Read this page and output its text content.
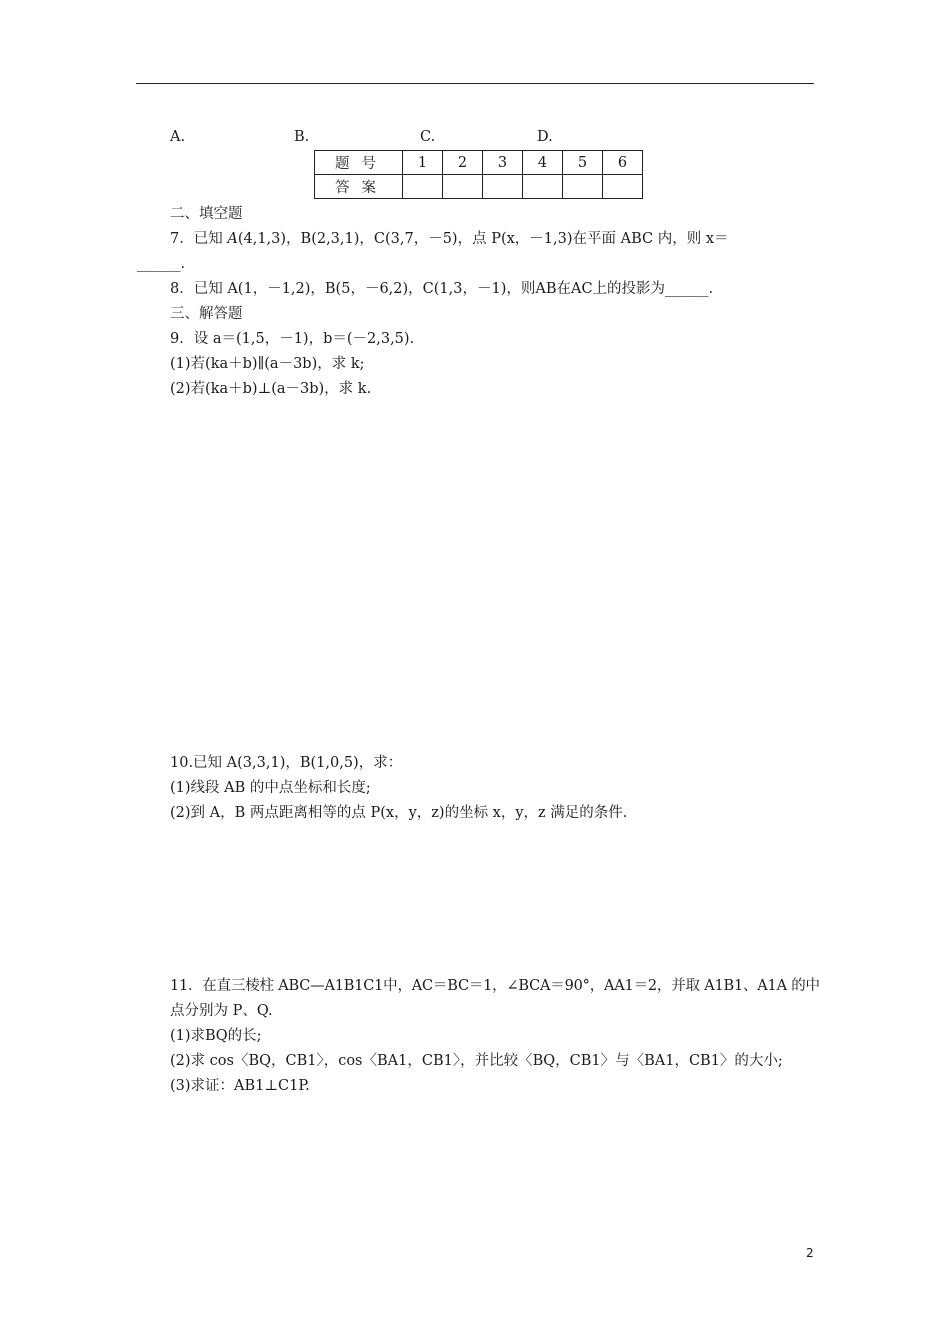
A.	B.	C.	D.
题号	1	2	3	4	5	6
答案						
二、填空题
7．已知 A(4,1,3)，B(2,3,1)，C(3,7，－5)，点 P(x，－1,3)在平面 ABC 内，则 x＝
______.
8．已知 A(1，－1,2)，B(5，－6,2)，C(1,3，－1)，则AB在AC上的投影为______.
三、解答题
9．设 a＝(1,5，－1)，b＝(－2,3,5).
(1)若(ka＋b)∥(a－3b)，求 k;
(2)若(ka＋b)⊥(a－3b)，求 k.
10.已知 A(3,3,1)，B(1,0,5)，求：
(1)线段 AB 的中点坐标和长度;
(2)到 A，B 两点距离相等的点 P(x，y，z)的坐标 x，y，z 满足的条件.
11．在直三棱柱 ABC—A1B1C1中，AC＝BC＝1，∠BCA＝90°，AA1＝2，并取 A1B1、A1A 的中
点分别为 P、Q.
(1)求BQ的长;
(2)求 cos〈BQ，CB1〉，cos〈BA1，CB1〉，并比较〈BQ，CB1〉与〈BA1，CB1〉的大小;
(3)求证：AB1⊥C1P.
2
